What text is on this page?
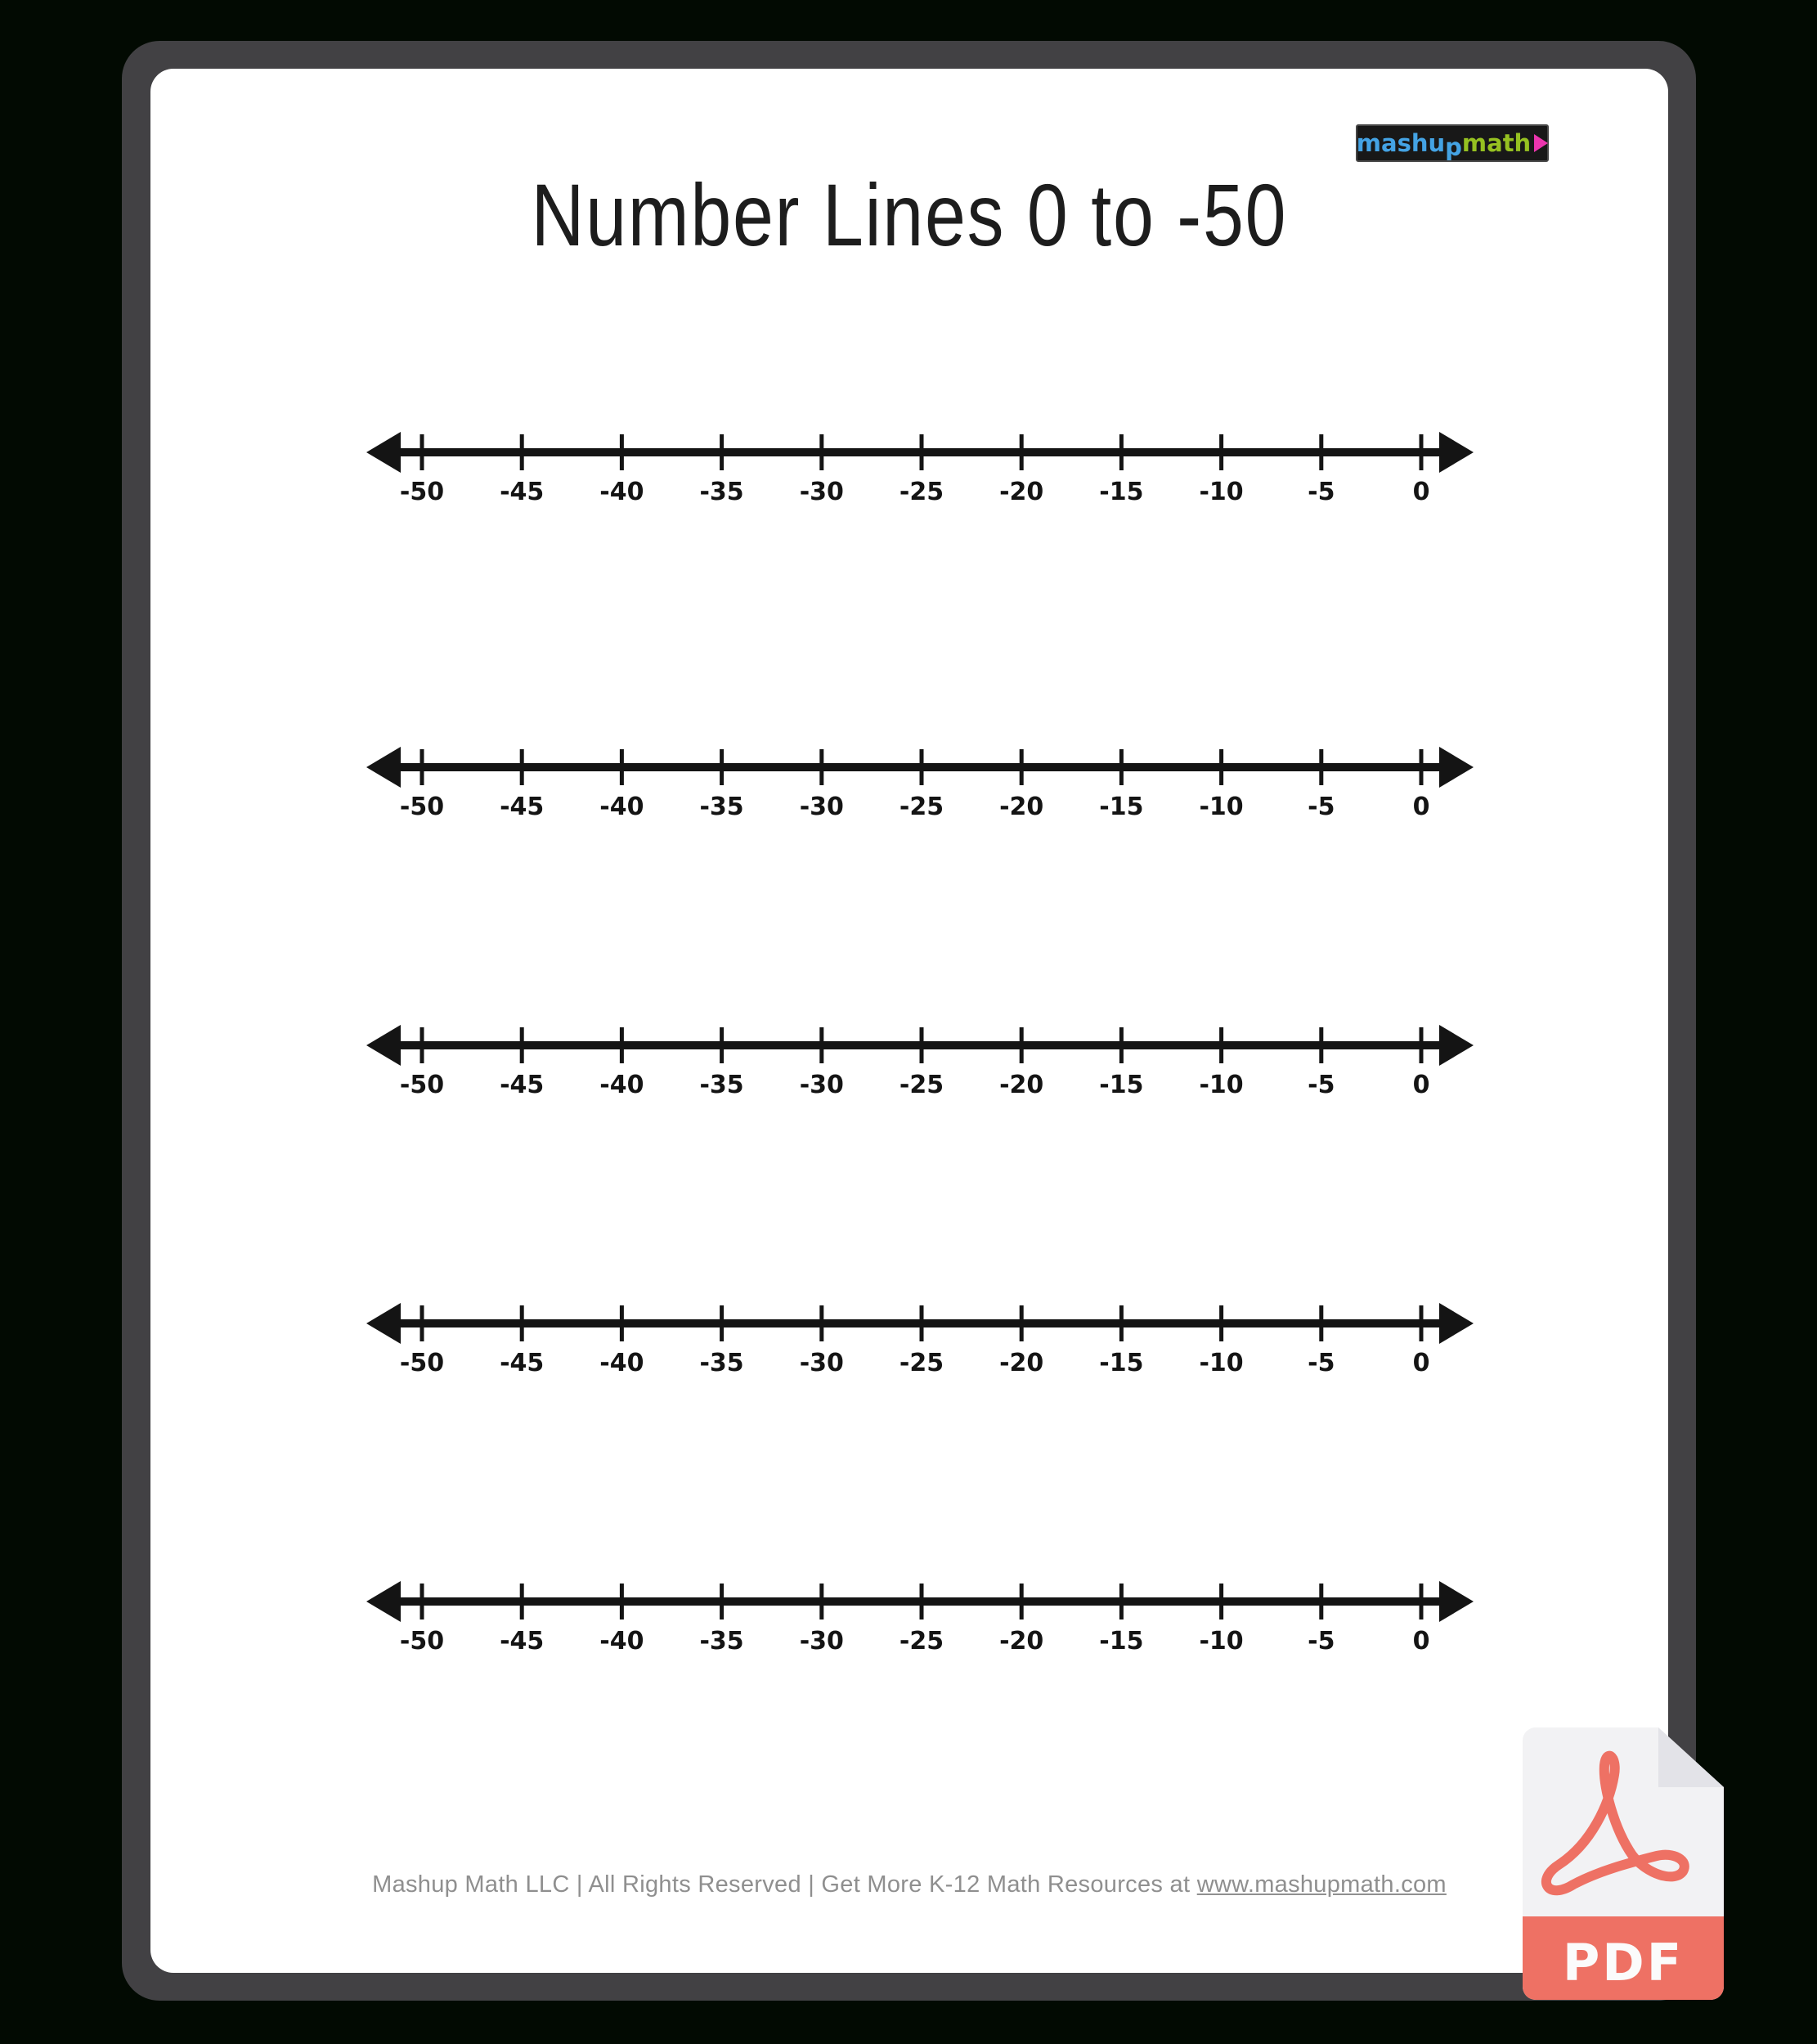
mashup math
Number Lines 0 to -50
Mashup Math LLC | All Rights Reserved | Get More K-12 Math Resources at www.mashupmath.com
-50 -45 -40 -35 -30 -25 -20 -15 -10	-5	0
-50 -45 -40 -35 -30 -25 -20 -15 -10	-5	0
-50 -45 -40 -35 -30 -25 -20 -15 -10	-5	0
-50 -45 -40 -35 -30 -25 -20 -15 -10	-5	0
-50 -45 -40 -35 -30 -25 -20 -15 -10	-5	0
PDF
